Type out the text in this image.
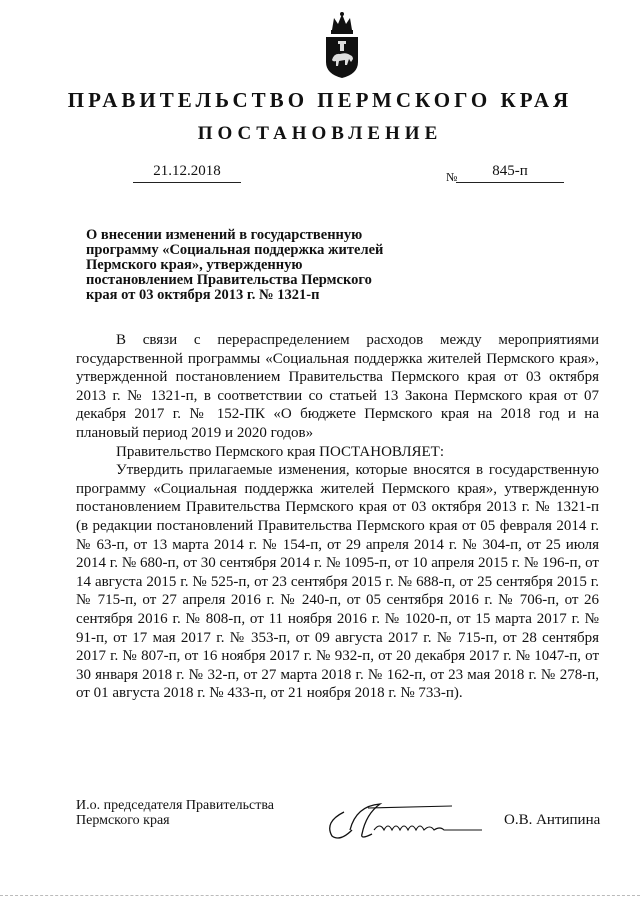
ПРАВИТЕЛЬСТВО ПЕРМСКОГО КРАЯ
ПОСТАНОВЛЕНИЕ
21.12.2018	№	845-п
О внесении изменений в государственную программу «Социальная поддержка жителей Пермского края», утвержденную постановлением Правительства Пермского края от 03 октября 2013 г. № 1321-п

В связи с перераспределением расходов между мероприятиями государственной программы «Социальная поддержка жителей Пермского края», утвержденной постановлением Правительства Пермского края от 03 октября 2013 г. № 1321-п, в соответствии со статьей 13 Закона Пермского края от 07 декабря 2017 г. № 152-ПК «О бюджете Пермского края на 2018 год и на плановый период 2019 и 2020 годов»

Правительство Пермского края ПОСТАНОВЛЯЕТ:

Утвердить прилагаемые изменения, которые вносятся в государственную программу «Социальная поддержка жителей Пермского края», утвержденную постановлением Правительства Пермского края от 03 октября 2013 г. № 1321-п (в редакции постановлений Правительства Пермского края от 05 февраля 2014 г. № 63-п, от 13 марта 2014 г. № 154-п, от 29 апреля 2014 г. № 304-п, от 25 июля 2014 г. № 680-п, от 30 сентября 2014 г. № 1095-п, от 10 апреля 2015 г. № 196-п, от 14 августа 2015 г. № 525-п, от 23 сентября 2015 г. № 688-п, от 25 сентября 2015 г. № 715-п, от 27 апреля 2016 г. № 240-п, от 05 сентября 2016 г. № 706-п, от 26 сентября 2016 г. № 808-п, от 11 ноября 2016 г. № 1020-п, от 15 марта 2017 г. № 91-п, от 17 мая 2017 г. № 353-п, от 09 августа 2017 г. № 715-п, от 28 сентября 2017 г. № 807-п, от 16 ноября 2017 г. № 932-п, от 20 декабря 2017 г. № 1047-п, от 30 января 2018 г. № 32-п, от 27 марта 2018 г. № 162-п, от 23 мая 2018 г. № 278-п, от 01 августа 2018 г. № 433-п, от 21 ноября 2018 г. № 733-п).

И.о. председателя Правительства Пермского края	О.В. Антипина
